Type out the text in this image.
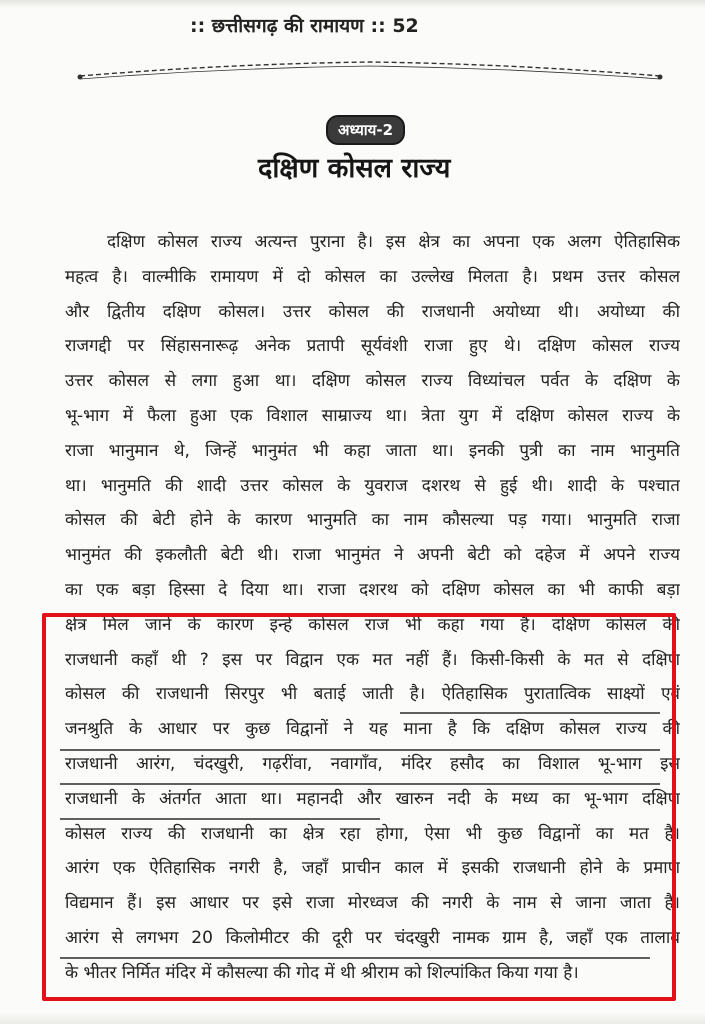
:: छत्तीसगढ़ की रामायण :: 52
अध्याय-2
दक्षिण कोसल राज्य
दक्षिण कोसल राज्य अत्यन्त पुराना है। इस क्षेत्र का अपना एक अलग ऐतिहासिक
महत्व है। वाल्मीकि रामायण में दो कोसल का उल्लेख मिलता है। प्रथम उत्तर कोसल
और द्वितीय दक्षिण कोसल। उत्तर कोसल की राजधानी अयोध्या थी। अयोध्या की
राजगद्दी पर सिंहासनारूढ़ अनेक प्रतापी सूर्यवंशी राजा हुए थे। दक्षिण कोसल राज्य
उत्तर कोसल से लगा हुआ था। दक्षिण कोसल राज्य विध्यांचल पर्वत के दक्षिण के
भू-भाग में फैला हुआ एक विशाल साम्राज्य था। त्रेता युग में दक्षिण कोसल राज्य के
राजा भानुमान थे, जिन्हें भानुमंत भी कहा जाता था। इनकी पुत्री का नाम भानुमति
था। भानुमति की शादी उत्तर कोसल के युवराज दशरथ से हुई थी। शादी के पश्चात
कोसल की बेटी होने के कारण भानुमति का नाम कौसल्या पड़ गया। भानुमति राजा
भानुमंत की इकलौती बेटी थी। राजा भानुमंत ने अपनी बेटी को दहेज में अपने राज्य
का एक बड़ा हिस्सा दे दिया था। राजा दशरथ को दक्षिण कोसल का भी काफी बड़ा
क्षेत्र मिल जाने के कारण इन्हें कोसल राज भी कहा गया है। दक्षिण कोसल की
राजधानी कहाँ थी ? इस पर विद्वान एक मत नहीं हैं। किसी-किसी के मत से दक्षिण
कोसल की राजधानी सिरपुर भी बताई जाती है। ऐतिहासिक पुरातात्विक साक्ष्यों एवं
जनश्रुति के आधार पर कुछ विद्वानों ने यह माना है कि दक्षिण कोसल राज्य की
राजधानी आरंग, चंदखुरी, गढ़रींवा, नवागाँव, मंदिर हसौद का विशाल भू-भाग इस
राजधानी के अंतर्गत आता था। महानदी और खारुन नदी के मध्य का भू-भाग दक्षिण
कोसल राज्य की राजधानी का क्षेत्र रहा होगा, ऐसा भी कुछ विद्वानों का मत है।
आरंग एक ऐतिहासिक नगरी है, जहाँ प्राचीन काल में इसकी राजधानी होने के प्रमाण
विद्यमान हैं। इस आधार पर इसे राजा मोरध्वज की नगरी के नाम से जाना जाता है।
आरंग से लगभग 20 किलोमीटर की दूरी पर चंदखुरी नामक ग्राम है, जहाँ एक तालाब
के भीतर निर्मित मंदिर में कौसल्या की गोद में थी श्रीराम को शिल्पांकित किया गया है।
